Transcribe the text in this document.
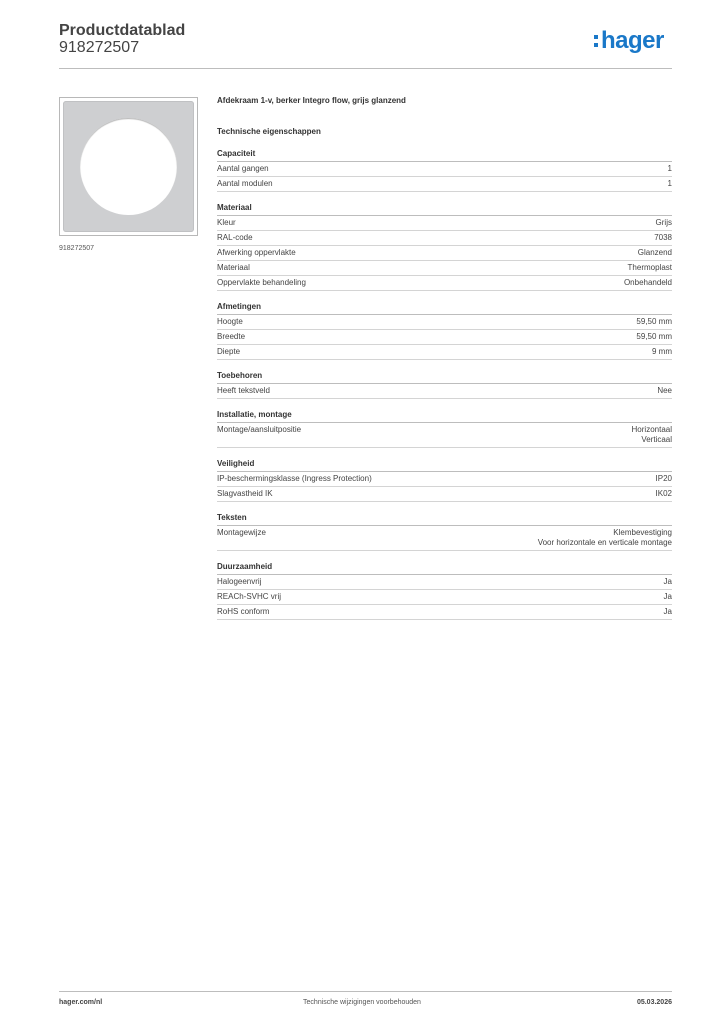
Productdatablad
918272507	hager
918272507
Afdekraam 1-v, berker Integro flow, grijs glanzend
Technische eigenschappen
Capaciteit
Aantal gangen	1
Aantal modulen	1
Materiaal
Kleur	Grijs
RAL-code	7038
Afwerking oppervlakte	Glanzend
Materiaal	Thermoplast
Oppervlakte behandeling	Onbehandeld
Afmetingen
Hoogte	59,50 mm
Breedte	59,50 mm
Diepte	9 mm
Toebehoren
Heeft tekstveld	Nee
Installatie, montage
Montage/aansluitpositie	Horizontaal
Verticaal
Veiligheid
IP-beschermingsklasse (Ingress Protection)	IP20
Slagvastheid IK	IK02
Teksten
Montagewijze	Klembevestiging
Voor horizontale en verticale montage
Duurzaamheid
Halogeenvrij	Ja
REACh-SVHC vrij	Ja
RoHS conform	Ja
hager.com/nl	Technische wijzigingen voorbehouden	05.03.2026
